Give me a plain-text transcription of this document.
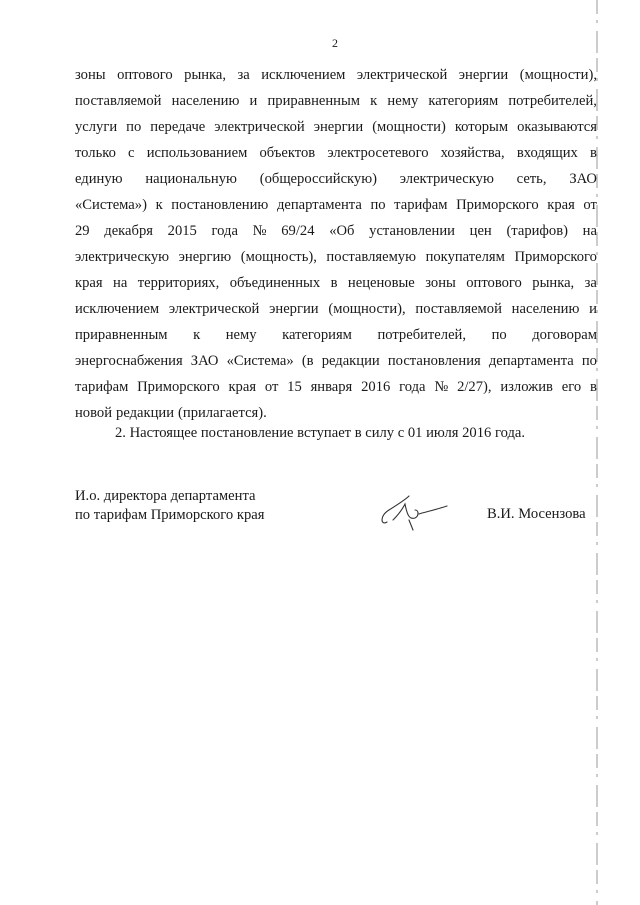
2
зоны оптового рынка, за исключением электрической энергии (мощности),
поставляемой населению и приравненным к нему категориям потребителей,
услуги по передаче электрической энергии (мощности) которым оказываются
только с использованием объектов электросетевого хозяйства, входящих в
единую национальную (общероссийскую) электрическую сеть, ЗАО
«Система») к постановлению департамента по тарифам Приморского края от
29 декабря 2015 года № 69/24 «Об установлении цен (тарифов) на
электрическую энергию (мощность), поставляемую покупателям Приморского
края на территориях, объединенных в неценовые зоны оптового рынка, за
исключением электрической энергии (мощности), поставляемой населению и
приравненным к нему категориям потребителей, по договорам
энергоснабжения ЗАО «Система» (в редакции постановления департамента по
тарифам Приморского края от 15 января 2016 года № 2/27), изложив его в
новой редакции (прилагается).
2. Настоящее постановление вступает в силу с 01 июля 2016 года.
И.о. директора департамента
по тарифам Приморского края	В.И. Мосензова
